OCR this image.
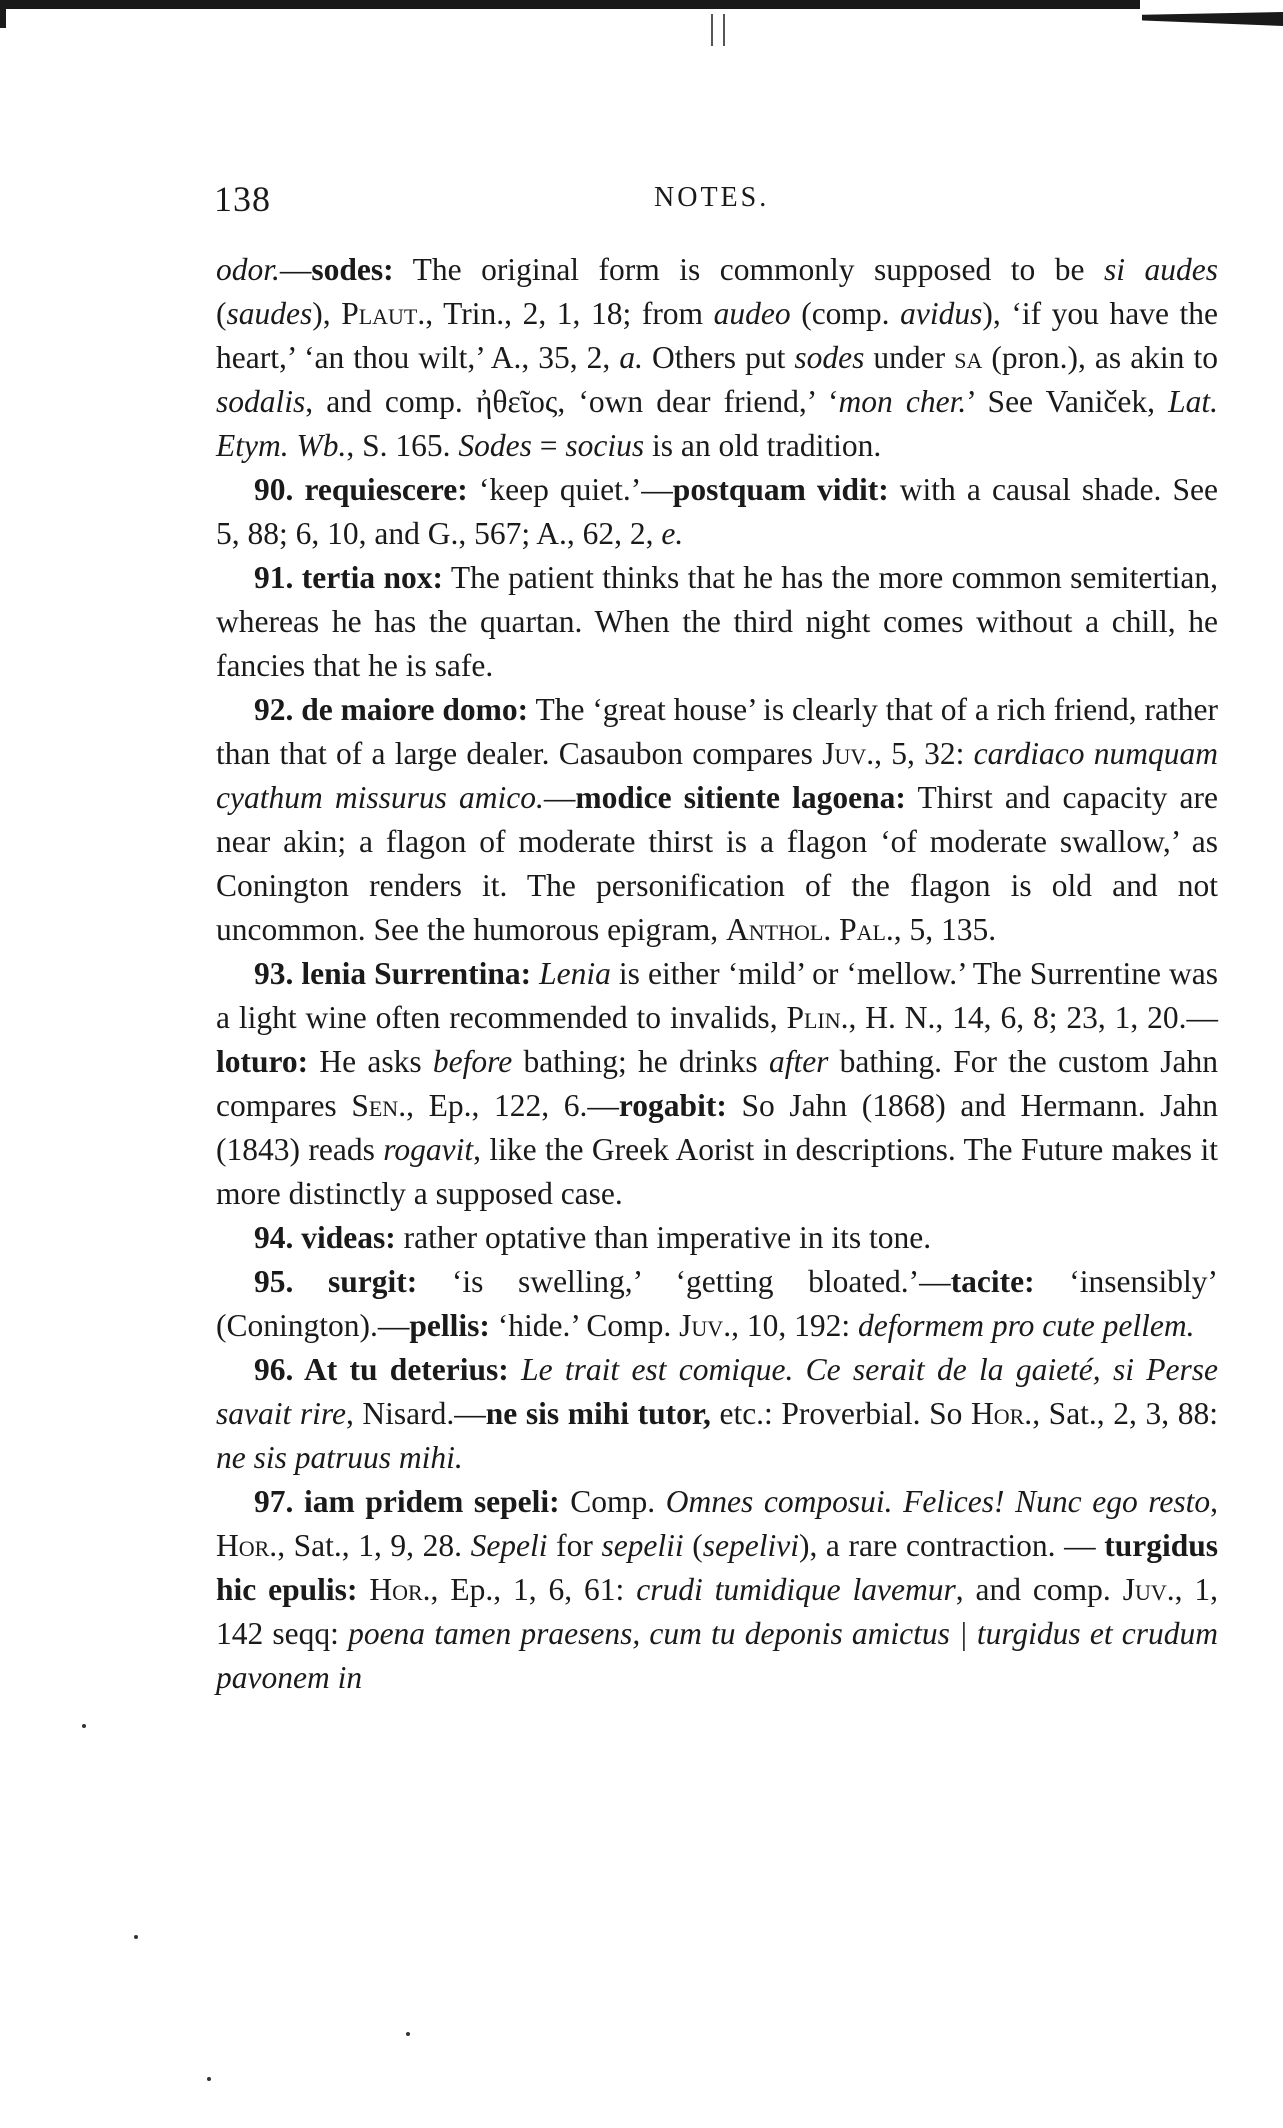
138	NOTES.

odor.—sodes: The original form is commonly supposed to be si audes (saudes), Plaut., Trin., 2, 1, 18; from audeo (comp. avidus), ‘if you have the heart,’ ‘an thou wilt,’ A., 35, 2, a. Others put sodes under sa (pron.), as akin to sodalis, and comp. ἠθεῖος, ‘own dear friend,’ ‘mon cher.’ See Vaniček, Lat. Etym. Wb., S. 165. Sodes = socius is an old tradition.

90. requiescere: ‘keep quiet.’—postquam vidit: with a causal shade. See 5, 88; 6, 10, and G., 567; A., 62, 2, e.

91. tertia nox: The patient thinks that he has the more common semitertian, whereas he has the quartan. When the third night comes without a chill, he fancies that he is safe.

92. de maiore domo: The ‘great house’ is clearly that of a rich friend, rather than that of a large dealer. Casaubon compares Juv., 5, 32: cardiaco numquam cyathum missurus amico.—modice sitiente lagoena: Thirst and capacity are near akin; a flagon of moderate thirst is a flagon ‘of moderate swallow,’ as Conington renders it. The personification of the flagon is old and not uncommon. See the humorous epigram, Anthol. Pal., 5, 135.

93. lenia Surrentina: Lenia is either ‘mild’ or ‘mellow.’ The Surrentine was a light wine often recommended to invalids, Plin., H. N., 14, 6, 8; 23, 1, 20.—loturo: He asks before bathing; he drinks after bathing. For the custom Jahn compares Sen., Ep., 122, 6.—rogabit: So Jahn (1868) and Hermann. Jahn (1843) reads rogavit, like the Greek Aorist in descriptions. The Future makes it more distinctly a supposed case.

94. videas: rather optative than imperative in its tone.

95. surgit: ‘is swelling,’ ‘getting bloated.’—tacite: ‘insensibly’ (Conington).—pellis: ‘hide.’ Comp. Juv., 10, 192: deformem pro cute pellem.

96. At tu deterius: Le trait est comique. Ce serait de la gaieté, si Perse savait rire, Nisard.—ne sis mihi tutor, etc.: Proverbial. So Hor., Sat., 2, 3, 88: ne sis patruus mihi.

97. iam pridem sepeli: Comp. Omnes composui. Felices! Nunc ego resto, Hor., Sat., 1, 9, 28. Sepeli for sepelii (sepelivi), a rare contraction. — turgidus hic epulis: Hor., Ep., 1, 6, 61: crudi tumidique lavemur, and comp. Juv., 1, 142 seqq: poena tamen praesens, cum tu deponis amictus | turgidus et crudum pavonem in
